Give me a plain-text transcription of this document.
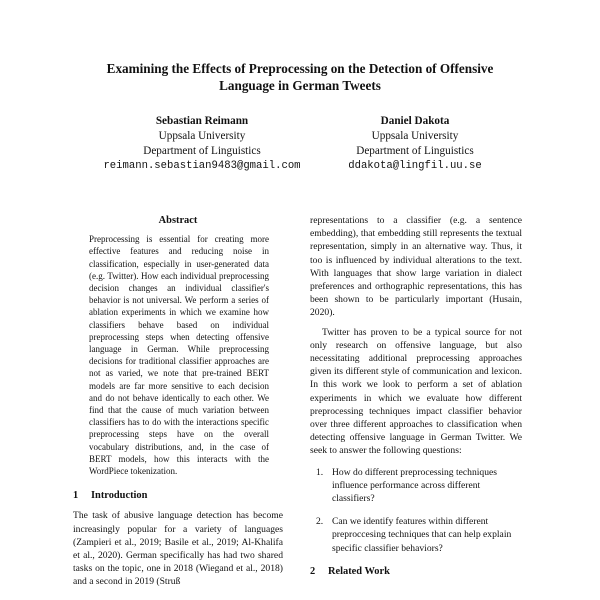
Examining the Effects of Preprocessing on the Detection of Offensive
Language in German Tweets
Sebastian Reimann
Uppsala University
Department of Linguistics
reimann.sebastian9483@gmail.com
Daniel Dakota
Uppsala University
Department of Linguistics
ddakota@lingfil.uu.se
Abstract

Preprocessing is essential for creating more effective features and reducing noise in classification, especially in user-generated data (e.g. Twitter). How each individual preprocessing decision changes an individual classifier's behavior is not universal. We perform a series of ablation experiments in which we examine how classifiers behave based on individual preprocessing steps when detecting offensive language in German. While preprocessing decisions for traditional classifier approaches are not as varied, we note that pre-trained BERT models are far more sensitive to each decision and do not behave identically to each other. We find that the cause of much variation between classifiers has to do with the interactions specific preprocessing steps have on the overall vocabulary distributions, and, in the case of BERT models, how this interacts with the WordPiece tokenization.

1 Introduction

The task of abusive language detection has become increasingly popular for a variety of languages (Zampieri et al., 2019; Basile et al., 2019; Al-Khalifa et al., 2020). German specifically has had two shared tasks on the topic, one in 2018 (Wiegand et al., 2018) and a second in 2019 (Struß

representations to a classifier (e.g. a sentence embedding), that embedding still represents the textual representation, simply in an alternative way. Thus, it too is influenced by individual alterations to the text. With languages that show large variation in dialect preferences and orthographic representations, this has been shown to be particularly important (Husain, 2020).

Twitter has proven to be a typical source for not only research on offensive language, but also necessitating additional preprocessing approaches given its different style of communication and lexicon. In this work we look to perform a set of ablation experiments in which we evaluate how different preprocessing techniques impact classifier behavior over three different approaches to classification when detecting offensive language in German Twitter. We seek to answer the following questions:

1. How do different preprocessing techniques influence performance across different classifiers?
2. Can we identify features within different preproccesing techniques that can help explain specific classifier behaviors?
2 Related Work
